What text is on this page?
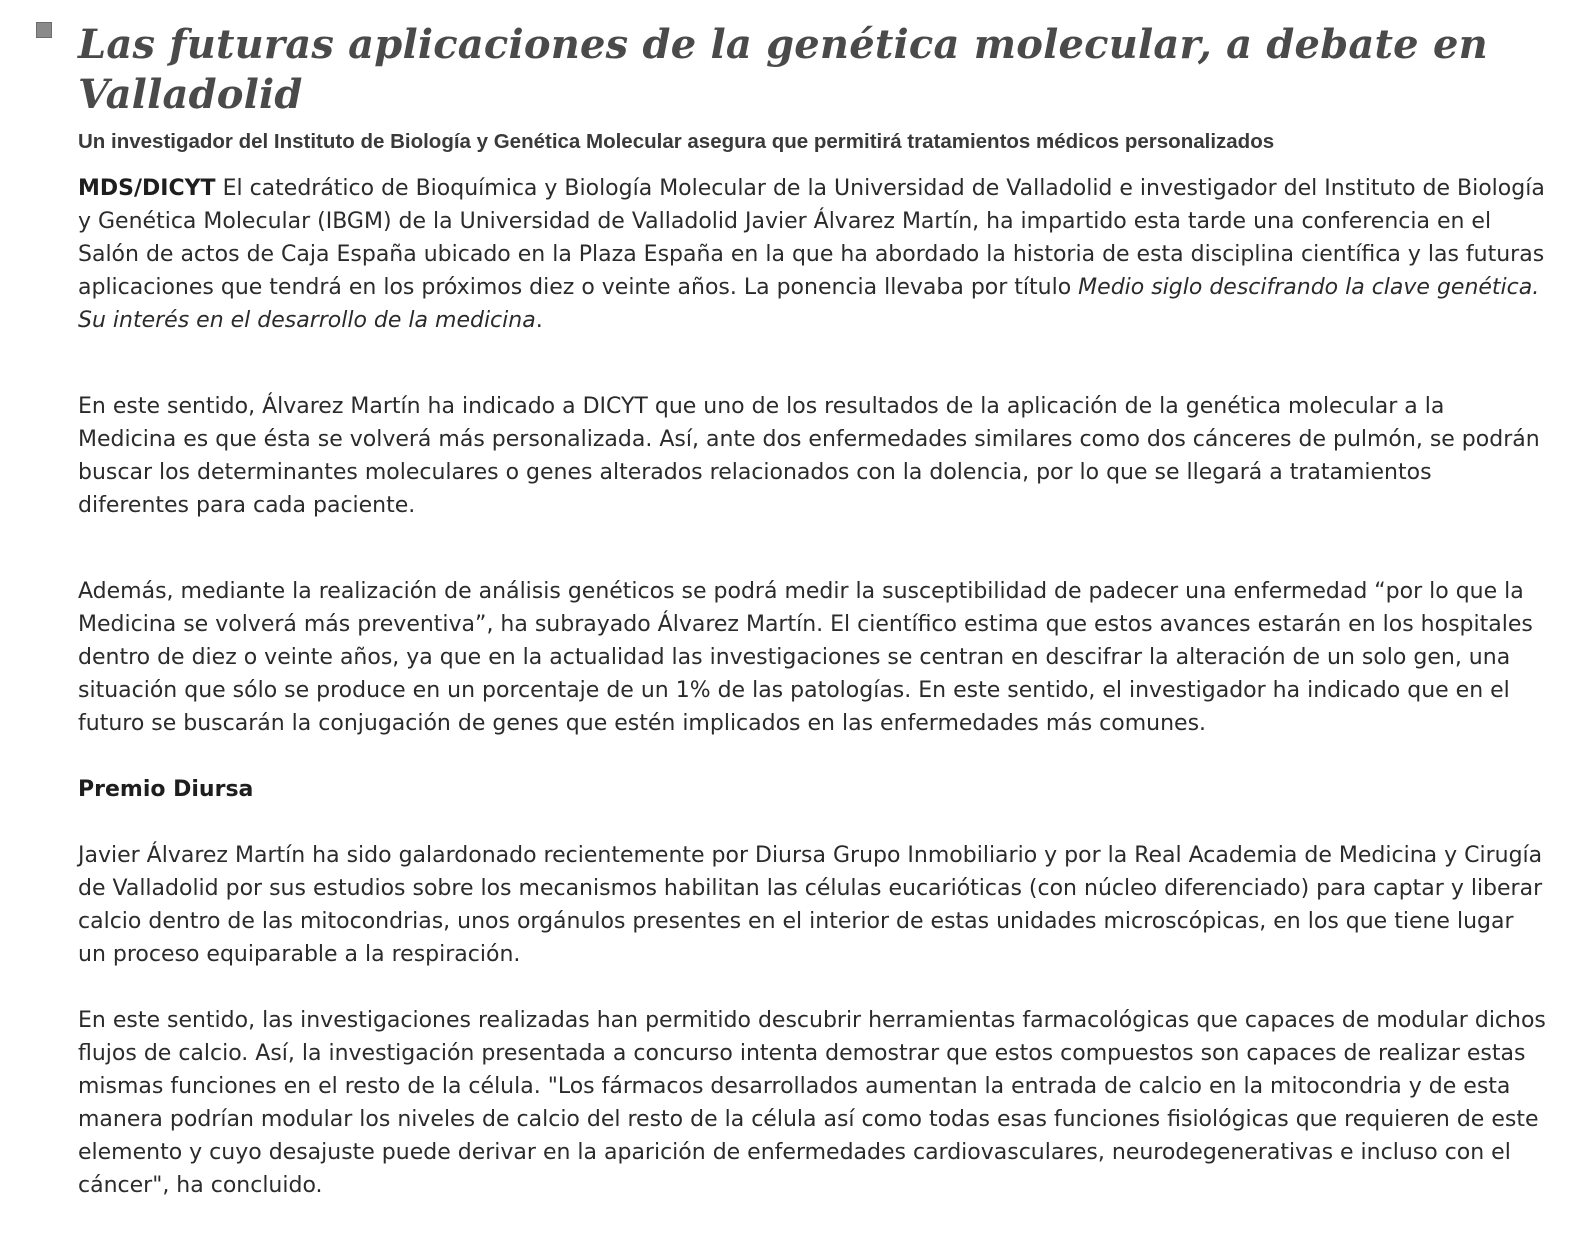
Las futuras aplicaciones de la genética molecular, a debate en Valladolid
Un investigador del Instituto de Biología y Genética Molecular asegura que permitirá tratamientos médicos personalizados

MDS/DICYT El catedrático de Bioquímica y Biología Molecular de la Universidad de Valladolid e investigador del Instituto de Biología y Genética Molecular (IBGM) de la Universidad de Valladolid Javier Álvarez Martín, ha impartido esta tarde una conferencia en el Salón de actos de Caja España ubicado en la Plaza España en la que ha abordado la historia de esta disciplina científica y las futuras aplicaciones que tendrá en los próximos diez o veinte años. La ponencia llevaba por título Medio siglo descifrando la clave genética. Su interés en el desarrollo de la medicina.

En este sentido, Álvarez Martín ha indicado a DICYT que uno de los resultados de la aplicación de la genética molecular a la Medicina es que ésta se volverá más personalizada. Así, ante dos enfermedades similares como dos cánceres de pulmón, se podrán buscar los determinantes moleculares o genes alterados relacionados con la dolencia, por lo que se llegará a tratamientos diferentes para cada paciente.

Además, mediante la realización de análisis genéticos se podrá medir la susceptibilidad de padecer una enfermedad “por lo que la Medicina se volverá más preventiva”, ha subrayado Álvarez Martín. El científico estima que estos avances estarán en los hospitales dentro de diez o veinte años, ya que en la actualidad las investigaciones se centran en descifrar la alteración de un solo gen, una situación que sólo se produce en un porcentaje de un 1% de las patologías. En este sentido, el investigador ha indicado que en el futuro se buscarán la conjugación de genes que estén implicados en las enfermedades más comunes.

Premio Diursa

Javier Álvarez Martín ha sido galardonado recientemente por Diursa Grupo Inmobiliario y por la Real Academia de Medicina y Cirugía de Valladolid por sus estudios sobre los mecanismos habilitan las células eucarióticas (con núcleo diferenciado) para captar y liberar calcio dentro de las mitocondrias, unos orgánulos presentes en el interior de estas unidades microscópicas, en los que tiene lugar un proceso equiparable a la respiración.

En este sentido, las investigaciones realizadas han permitido descubrir herramientas farmacológicas que capaces de modular dichos flujos de calcio. Así, la investigación presentada a concurso intenta demostrar que estos compuestos son capaces de realizar estas mismas funciones en el resto de la célula. "Los fármacos desarrollados aumentan la entrada de calcio en la mitocondria y de esta manera podrían modular los niveles de calcio del resto de la célula así como todas esas funciones fisiológicas que requieren de este elemento y cuyo desajuste puede derivar en la aparición de enfermedades cardiovasculares, neurodegenerativas e incluso con el cáncer", ha concluido.
